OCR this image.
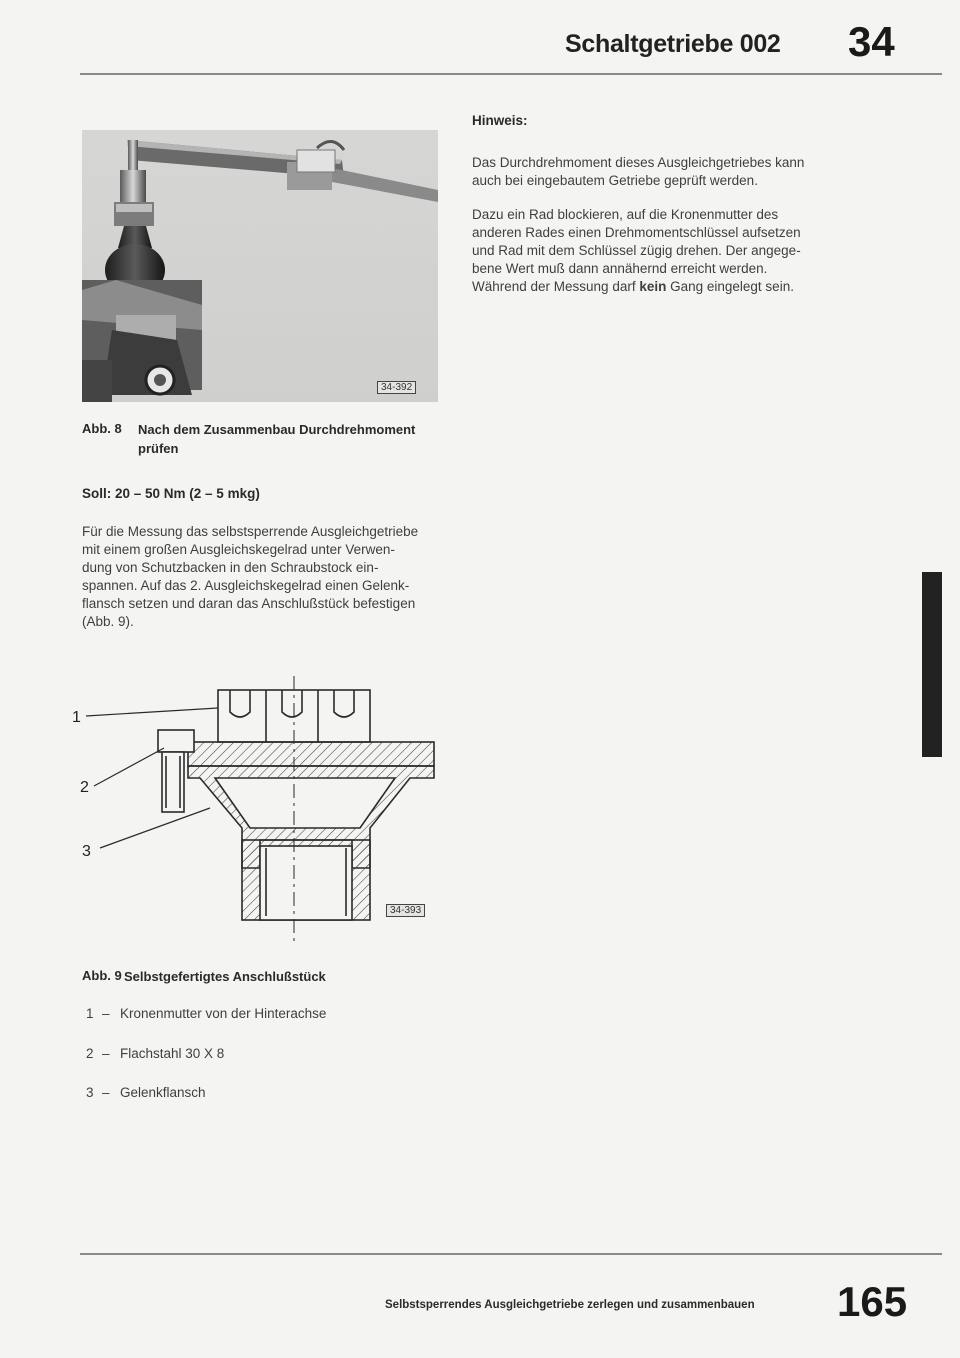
Schaltgetriebe 002 34
34-392
Abb. 8 Nach dem Zusammenbau Durchdrehmoment
prüfen
Soll: 20 – 50 Nm (2 – 5 mkg)
Für die Messung das selbstsperrende Ausgleichgetriebe
mit einem großen Ausgleichskegelrad unter Verwen-
dung von Schutzbacken in den Schraubstock ein-
spannen. Auf das 2. Ausgleichskegelrad einen Gelenk-
flansch setzen und daran das Anschlußstück befestigen
(Abb. 9).
Hinweis:
Das Durchdrehmoment dieses Ausgleichgetriebes kann
auch bei eingebautem Getriebe geprüft werden.
Dazu ein Rad blockieren, auf die Kronenmutter des
anderen Rades einen Drehmomentschlüssel aufsetzen
und Rad mit dem Schlüssel zügig drehen. Der angege-
bene Wert muß dann annähernd erreicht werden.
Während der Messung darf kein Gang eingelegt sein.
1
2
3
34-393
Abb. 9 Selbstgefertigtes Anschlußstück
1 – Kronenmutter von der Hinterachse
2 – Flachstahl 30 X 8
3 – Gelenkflansch
Selbstsperrendes Ausgleichgetriebe zerlegen und zusammenbauen 165
